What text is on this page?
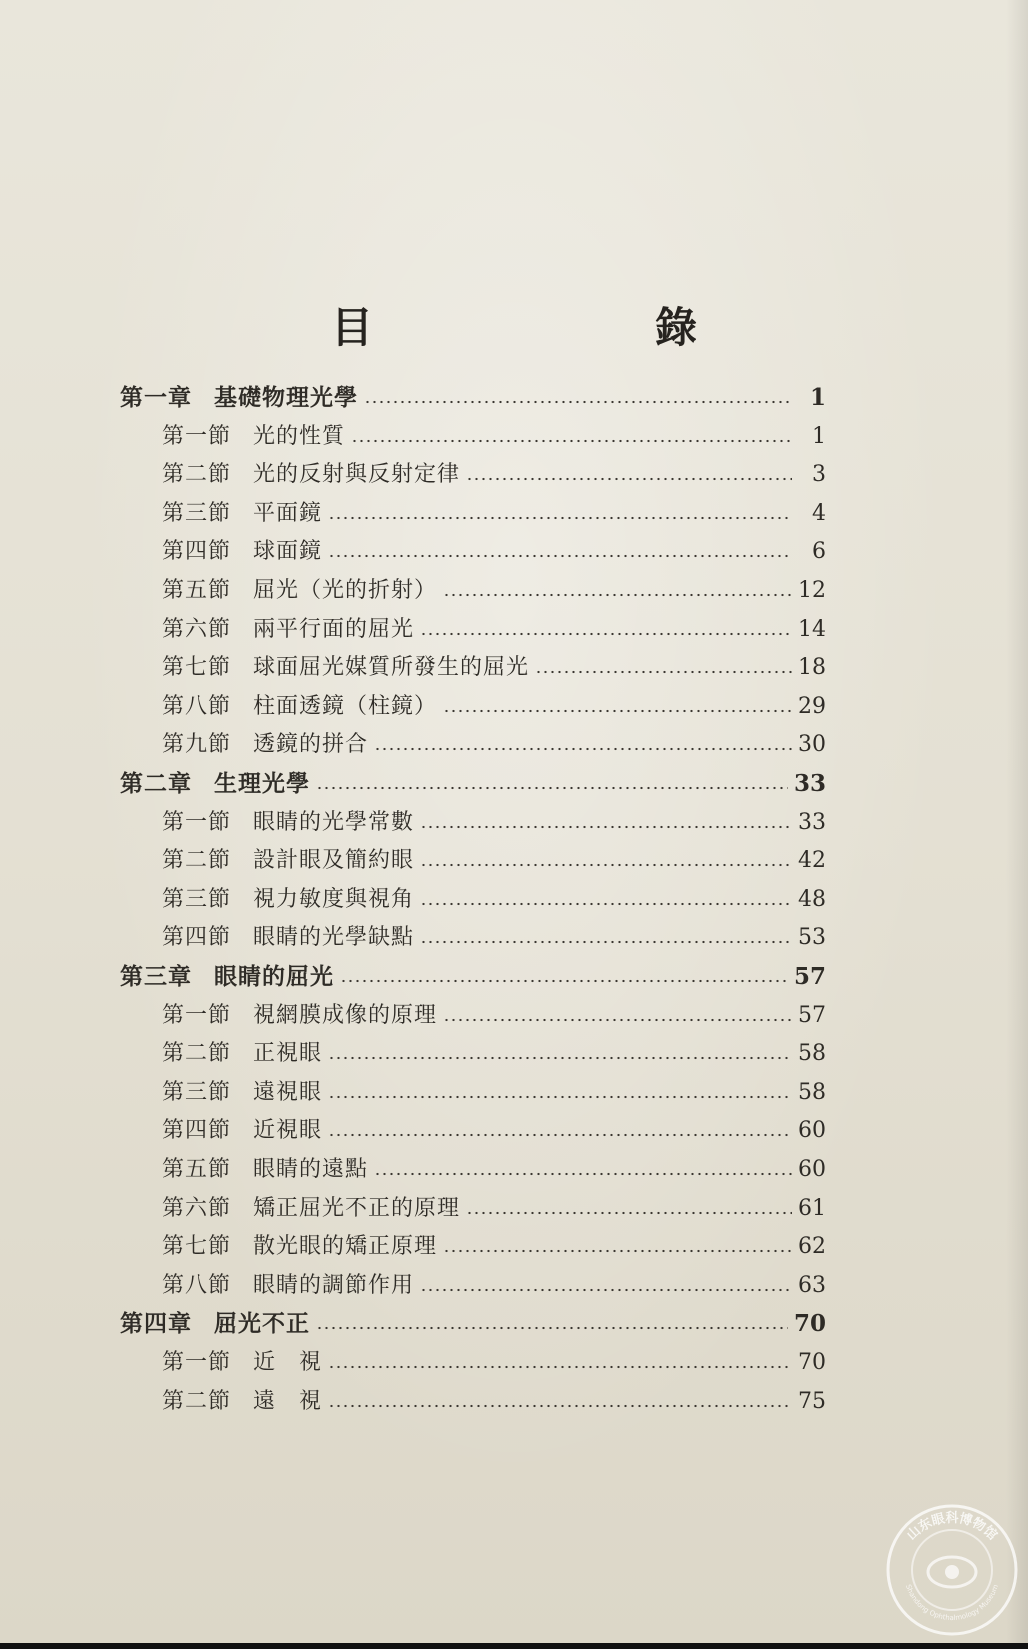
目　錄
第一章 基礎物理光學	1
第一節 光的性質	1
第二節 光的反射與反射定律	3
第三節 平面鏡	4
第四節 球面鏡	6
第五節 屈光（光的折射）	12
第六節 兩平行面的屈光	14
第七節 球面屈光媒質所發生的屈光	18
第八節 柱面透鏡（柱鏡）	29
第九節 透鏡的拼合	30
第二章 生理光學	33
第一節 眼睛的光學常數	33
第二節 設計眼及簡約眼	42
第三節 視力敏度與視角	48
第四節 眼睛的光學缺點	53
第三章 眼睛的屈光	57
第一節 視網膜成像的原理	57
第二節 正視眼	58
第三節 遠視眼	58
第四節 近視眼	60
第五節 眼睛的遠點	60
第六節 矯正屈光不正的原理	61
第七節 散光眼的矯正原理	62
第八節 眼睛的調節作用	63
第四章 屈光不正	70
第一節 近　視	70
第二節 遠　視	75
山东眼科博物馆
Shandong Ophthalmology Museum
